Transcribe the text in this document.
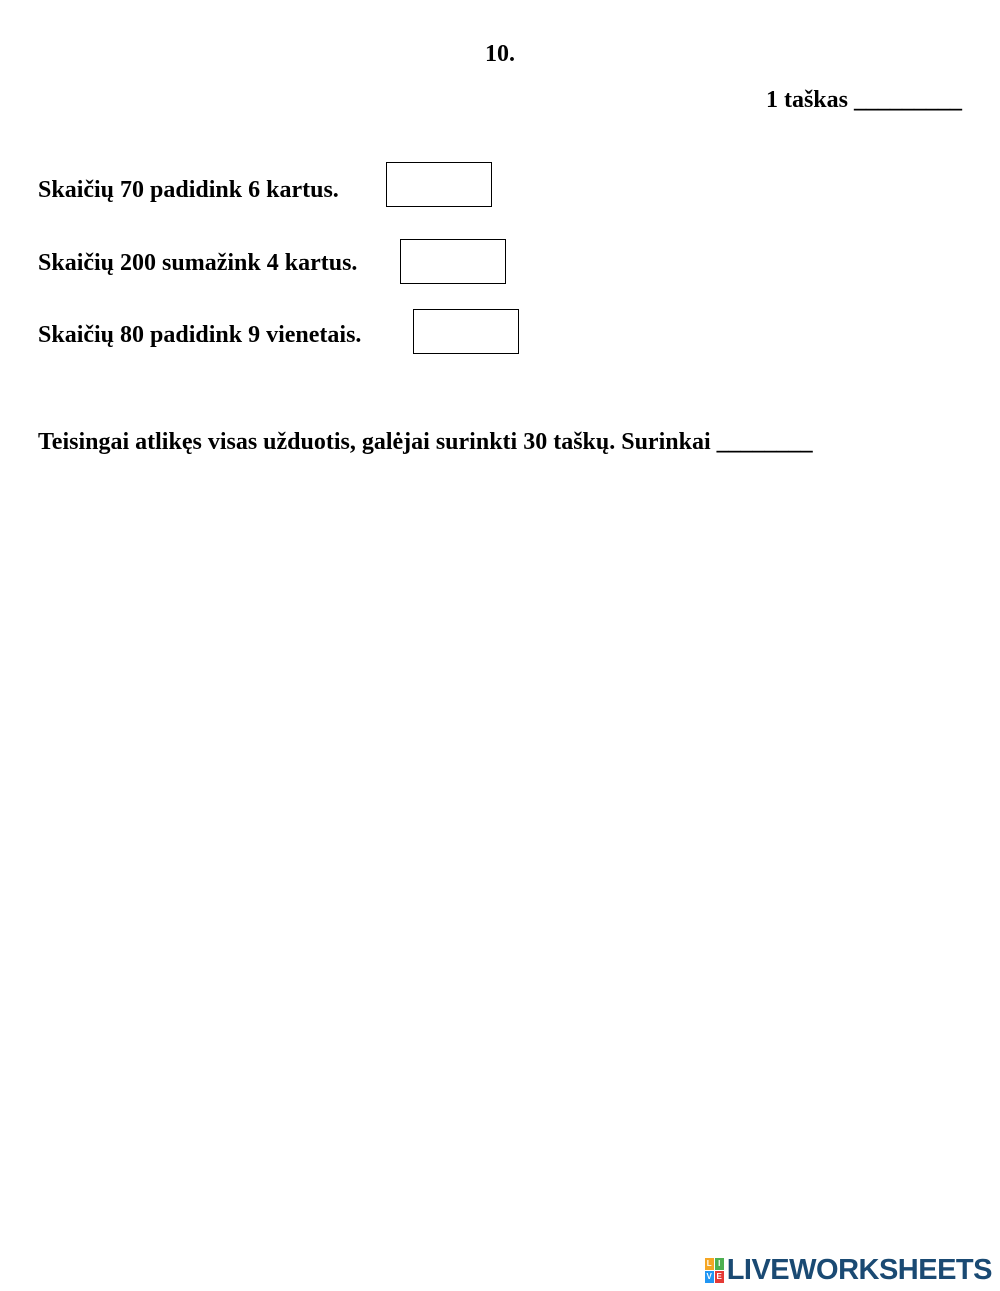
10.
1 taškas _________
Skaičių 70 padidink 6 kartus.
Skaičių 200 sumažink 4 kartus.
Skaičių 80 padidink 9 vienetais.
Teisingai atlikęs visas užduotis, galėjai surinkti 30 taškų. Surinkai ________
L I
V E LIVEWORKSHEETS
